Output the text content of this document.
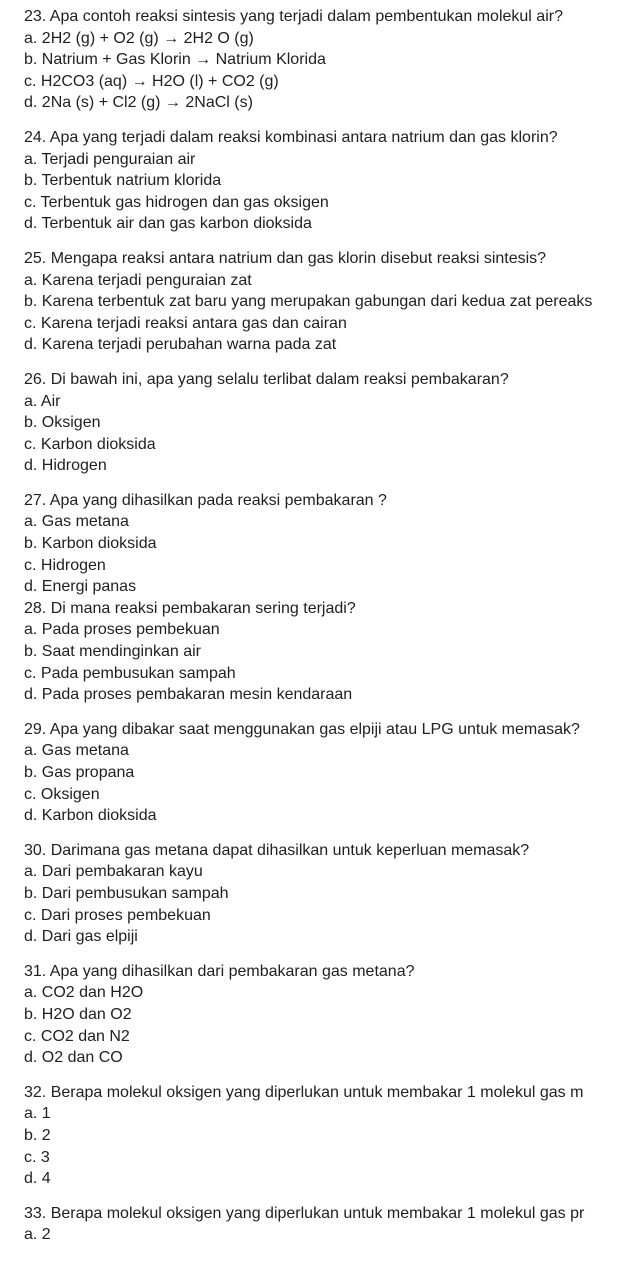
23. Apa contoh reaksi sintesis yang terjadi dalam pembentukan molekul air?
a. 2H2 (g) + O2 (g) → 2H2 O (g)
b. Natrium + Gas Klorin → Natrium Klorida
c. H2CO3 (aq) → H2O (l) + CO2 (g)
d. 2Na (s) + Cl2 (g) → 2NaCl (s)
24. Apa yang terjadi dalam reaksi kombinasi antara natrium dan gas klorin?
a. Terjadi penguraian air
b. Terbentuk natrium klorida
c. Terbentuk gas hidrogen dan gas oksigen
d. Terbentuk air dan gas karbon dioksida
25. Mengapa reaksi antara natrium dan gas klorin disebut reaksi sintesis?
a. Karena terjadi penguraian zat
b. Karena terbentuk zat baru yang merupakan gabungan dari kedua zat pereaks
c. Karena terjadi reaksi antara gas dan cairan
d. Karena terjadi perubahan warna pada zat
26. Di bawah ini, apa yang selalu terlibat dalam reaksi pembakaran?
a. Air
b. Oksigen
c. Karbon dioksida
d. Hidrogen
27. Apa yang dihasilkan pada reaksi pembakaran ?
a. Gas metana
b. Karbon dioksida
c. Hidrogen
d. Energi panas
28. Di mana reaksi pembakaran sering terjadi?
a. Pada proses pembekuan
b. Saat mendinginkan air
c. Pada pembusukan sampah
d. Pada proses pembakaran mesin kendaraan
29. Apa yang dibakar saat menggunakan gas elpiji atau LPG untuk memasak?
a. Gas metana
b. Gas propana
c. Oksigen
d. Karbon dioksida
30. Darimana gas metana dapat dihasilkan untuk keperluan memasak?
a. Dari pembakaran kayu
b. Dari pembusukan sampah
c. Dari proses pembekuan
d. Dari gas elpiji
31. Apa yang dihasilkan dari pembakaran gas metana?
a. CO2 dan H2O
b. H2O dan O2
c. CO2 dan N2
d. O2 dan CO
32. Berapa molekul oksigen yang diperlukan untuk membakar 1 molekul gas m
a. 1
b. 2
c. 3
d. 4
33. Berapa molekul oksigen yang diperlukan untuk membakar 1 molekul gas pr
a. 2
